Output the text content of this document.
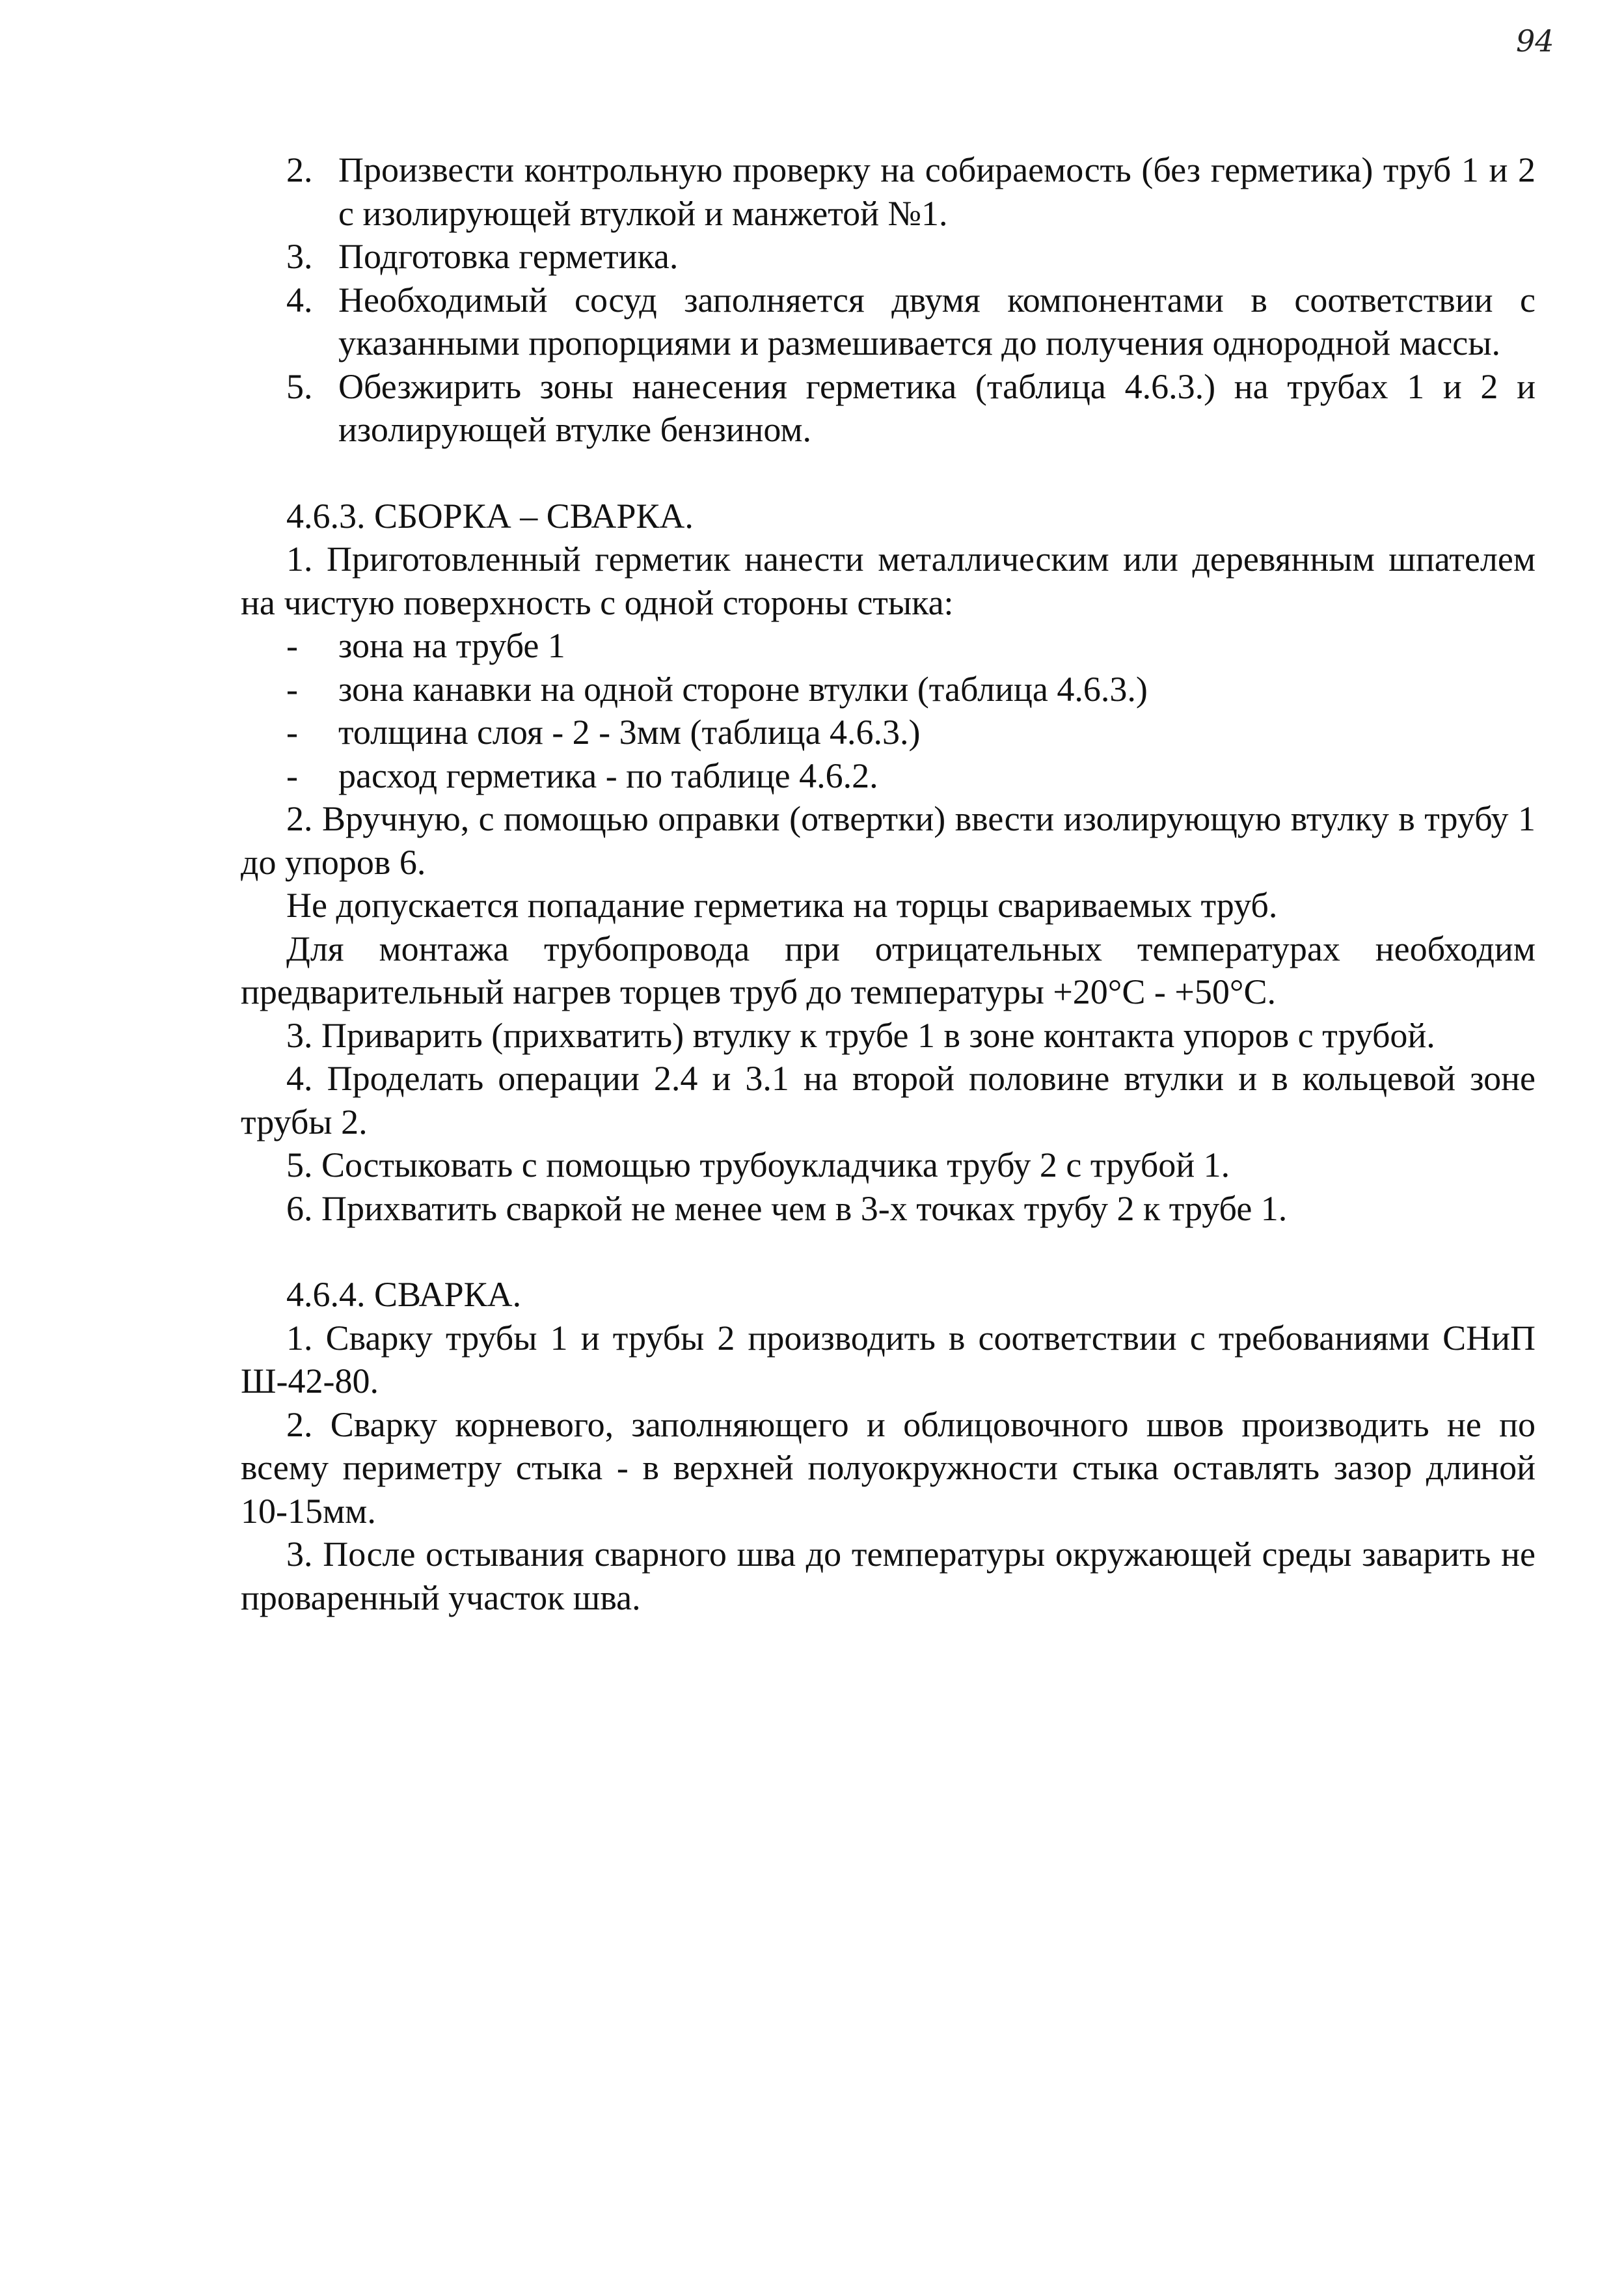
94
2. Произвести контрольную проверку на собираемость (без герметика) труб 1 и 2 с изолирующей втулкой и манжетой №1.
3. Подготовка герметика.
4. Необходимый сосуд заполняется двумя компонентами в соответствии с указанными пропорциями и размешивается до получения однородной массы.
5. Обезжирить зоны нанесения герметика (таблица 4.6.3.) на трубах 1 и 2 и изолирующей втулке бензином.

4.6.3. СБОРКА – СВАРКА.

1. Приготовленный герметик нанести металлическим или деревянным шпателем на чистую поверхность с одной стороны стыка:

- зона на трубе 1
- зона канавки на одной стороне втулки (таблица 4.6.3.)
- толщина слоя - 2 - 3мм (таблица 4.6.3.)
- расход герметика - по таблице 4.6.2.

2. Вручную, с помощью оправки (отвертки) ввести изолирующую втулку в трубу 1 до упоров 6.

Не допускается попадание герметика на торцы свариваемых труб.

Для монтажа трубопровода при отрицательных температурах необходим предварительный нагрев торцев труб до температуры +20°С - +50°С.

3. Приварить (прихватить) втулку к трубе 1 в зоне контакта упоров с трубой.

4. Проделать операции 2.4 и 3.1 на второй половине втулки и в кольцевой зоне трубы 2.

5. Состыковать с помощью трубоукладчика трубу 2 с трубой 1.

6. Прихватить сваркой не менее чем в 3-х точках трубу 2 к трубе 1.

4.6.4. СВАРКА.

1. Сварку трубы 1 и трубы 2 производить в соответствии с требованиями СНиП Ш-42-80.

2. Сварку корневого, заполняющего и облицовочного швов производить не по всему периметру стыка - в верхней полуокружности стыка оставлять зазор длиной 10-15мм.

3. После остывания сварного шва до температуры окружающей среды заварить не проваренный участок шва.
